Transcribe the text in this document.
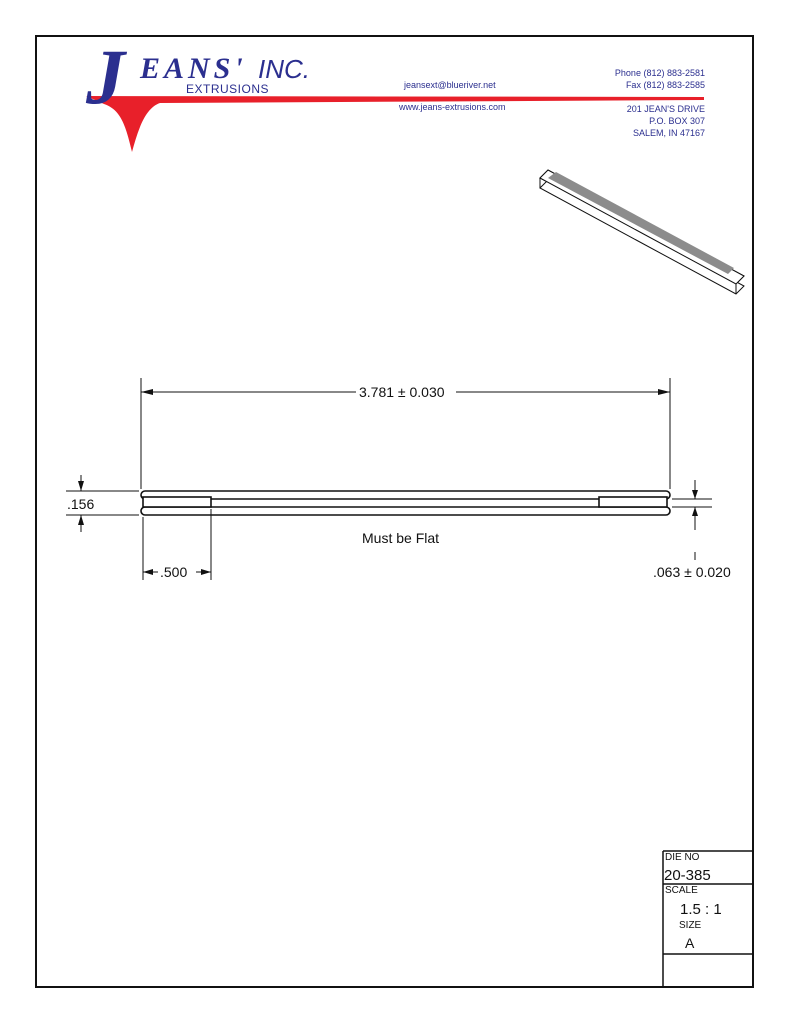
J EANS' INC.
EXTRUSIONS	jeansext@blueriver.net
www.jeans-extrusions.com
Phone (812) 883-2581
Fax (812) 883-2585
201 JEAN'S DRIVE
P.O. BOX 307
SALEM, IN 47167
3.781 ± 0.030
.156
.500	.063 ± 0.020
Must be Flat
DIE NO
20-385
SCALE
1.5 : 1
SIZE
A
